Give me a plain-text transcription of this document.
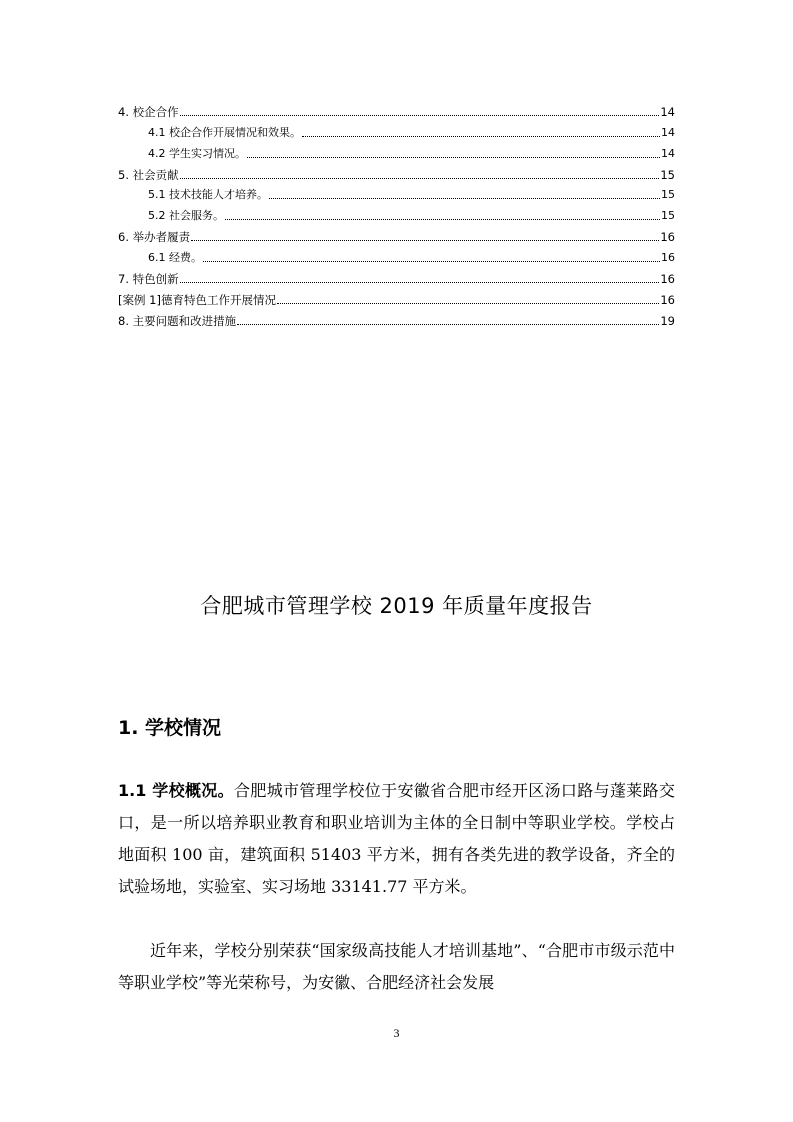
4. 校企合作	14
4.1 校企合作开展情况和效果。	14
4.2 学生实习情况。	14
5. 社会贡献	15
5.1 技术技能人才培养。	15
5.2 社会服务。	15
6. 举办者履责	16
6.1 经费。	16
7. 特色创新	16
[案例 1]德育特色工作开展情况	16
8. 主要问题和改进措施	19
合肥城市管理学校 2019 年质量年度报告
1. 学校情况
1.1 学校概况。合肥城市管理学校位于安徽省合肥市经开区汤口路与蓬莱路交口，是一所以培养职业教育和职业培训为主体的全日制中等职业学校。学校占地面积 100 亩，建筑面积 51403 平方米，拥有各类先进的教学设备，齐全的试验场地，实验室、实习场地 33141.77 平方米。
近年来，学校分别荣获“国家级高技能人才培训基地”、“合肥市市级示范中等职业学校”等光荣称号，为安徽、合肥经济社会发展
3
